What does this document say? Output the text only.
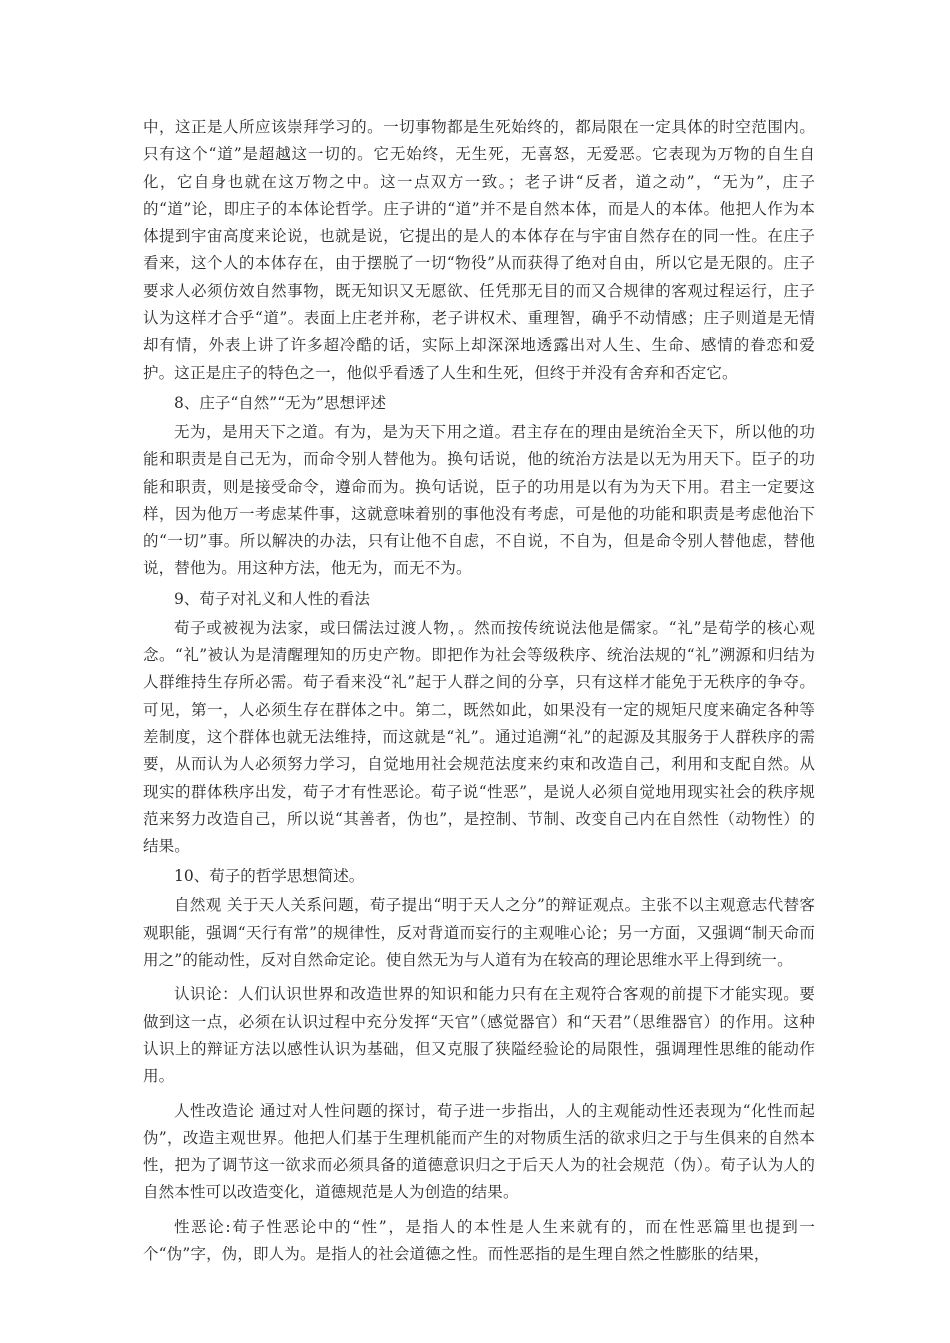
中，这正是人所应该崇拜学习的。一切事物都是生死始终的，都局限在一定具体的时空范围内。只有这个“道”是超越这一切的。它无始终，无生死，无喜怒，无爱恶。它表现为万物的自生自化，它自身也就在这万物之中。这一点双方一致。；老子讲“反者，道之动”，“无为”，庄子的“道”论，即庄子的本体论哲学。庄子讲的“道”并不是自然本体，而是人的本体。他把人作为本体提到宇宙高度来论说，也就是说，它提出的是人的本体存在与宇宙自然存在的同一性。在庄子看来，这个人的本体存在，由于摆脱了一切“物役”从而获得了绝对自由，所以它是无限的。庄子要求人必须仿效自然事物，既无知识又无愿欲、任凭那无目的而又合规律的客观过程运行，庄子认为这样才合乎“道”。表面上庄老并称，老子讲权术、重理智，确乎不动情感；庄子则道是无情却有情，外表上讲了许多超冷酷的话，实际上却深深地透露出对人生、生命、感情的眷恋和爱护。这正是庄子的特色之一，他似乎看透了人生和生死，但终于并没有舍弃和否定它。

8、庄子“自然”“无为”思想评述

无为，是用天下之道。有为，是为天下用之道。君主存在的理由是统治全天下，所以他的功能和职责是自己无为，而命令别人替他为。换句话说，他的统治方法是以无为用天下。臣子的功能和职责，则是接受命令，遵命而为。换句话说，臣子的功用是以有为为天下用。君主一定要这样，因为他万一考虑某件事，这就意味着别的事他没有考虑，可是他的功能和职责是考虑他治下的“一切”事。所以解决的办法，只有让他不自虑，不自说，不自为，但是命令别人替他虑，替他说，替他为。用这种方法，他无为，而无不为。

9、荀子对礼义和人性的看法

荀子或被视为法家，或曰儒法过渡人物，。然而按传统说法他是儒家。“礼”是荀学的核心观念。“礼”被认为是清醒理知的历史产物。即把作为社会等级秩序、统治法规的“礼”溯源和归结为人群维持生存所必需。荀子看来没“礼”起于人群之间的分享，只有这样才能免于无秩序的争夺。可见，第一，人必须生存在群体之中。第二，既然如此，如果没有一定的规矩尺度来确定各种等差制度，这个群体也就无法维持，而这就是“礼”。通过追溯“礼”的起源及其服务于人群秩序的需要，从而认为人必须努力学习，自觉地用社会规范法度来约束和改造自己，利用和支配自然。从现实的群体秩序出发，荀子才有性恶论。荀子说“性恶”，是说人必须自觉地用现实社会的秩序规范来努力改造自己，所以说“其善者，伪也”，是控制、节制、改变自己内在自然性（动物性）的结果。

10、荀子的哲学思想简述。

自然观 关于天人关系问题，荀子提出“明于天人之分”的辩证观点。主张不以主观意志代替客观职能，强调“天行有常”的规律性，反对背道而妄行的主观唯心论；另一方面，又强调“制天命而用之”的能动性，反对自然命定论。使自然无为与人道有为在较高的理论思维水平上得到统一。

认识论：人们认识世界和改造世界的知识和能力只有在主观符合客观的前提下才能实现。要做到这一点，必须在认识过程中充分发挥“天官”（感觉器官）和“天君”（思维器官）的作用。这种认识上的辩证方法以感性认识为基础，但又克服了狭隘经验论的局限性，强调理性思维的能动作用。

人性改造论 通过对人性问题的探讨，荀子进一步指出，人的主观能动性还表现为“化性而起伪”，改造主观世界。他把人们基于生理机能而产生的对物质生活的欲求归之于与生俱来的自然本性，把为了调节这一欲求而必须具备的道德意识归之于后天人为的社会规范（伪）。荀子认为人的自然本性可以改造变化，道德规范是人为创造的结果。

性恶论:荀子性恶论中的“性”，是指人的本性是人生来就有的，而在性恶篇里也提到一个“伪”字，伪，即人为。是指人的社会道德之性。而性恶指的是生理自然之性膨胀的结果，
